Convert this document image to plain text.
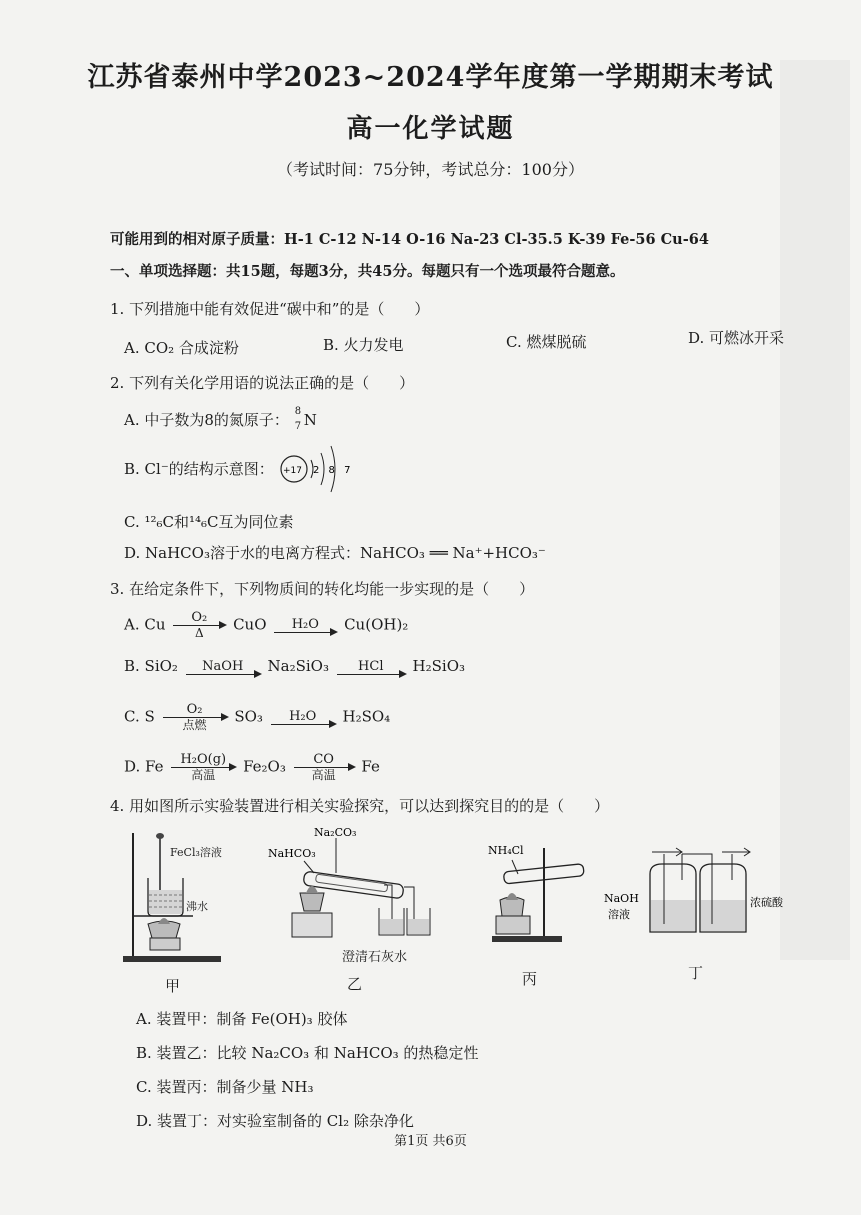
江苏省泰州中学2023~2024学年度第一学期期末考试
高一化学试题
（考试时间：75分钟，考试总分：100分）
可能用到的相对原子质量：H-1 C-12 N-14 O-16 Na-23 Cl-35.5 K-39 Fe-56 Cu-64
一、单项选择题：共15题，每题3分，共45分。每题只有一个选项最符合题意。
1. 下列措施中能有效促进“碳中和”的是（　　）
A. CO₂ 合成淀粉	B. 火力发电	C. 燃煤脱硫	D. 可燃冰开采
2. 下列有关化学用语的说法正确的是（　　）
A. 中子数为8的氮原子： 8
7 N
B. Cl⁻的结构示意图： +17 2 8 7
C. ¹²₆C和¹⁴₆C互为同位素
D. NaHCO₃溶于水的电离方程式：NaHCO₃ ══ Na⁺+HCO₃⁻
3. 在给定条件下，下列物质间的转化均能一步实现的是（　　）
A. Cu $\frac{\text{O₂}}{\Delta}$ CuO	H₂O	Cu(OH)₂
B. SiO₂	NaOH	Na₂SiO₃	HCl	H₂SiO₃
C. S	O₂
点燃	SO₃	H₂O	H₂SO₄
D. Fe	H₂O(g)
高温	Fe₂O₃	CO
高温	Fe
4. 用如图所示实验装置进行相关实验探究，可以达到探究目的的是（　　）
FeCl₃溶液
沸水
甲
Na₂CO₃
NaHCO₃
澄清石灰水
乙
NH₄Cl
丙
NaOH
溶液
浓硫酸
丁
A. 装置甲：制备 Fe(OH)₃ 胶体
B. 装置乙：比较 Na₂CO₃ 和 NaHCO₃ 的热稳定性
C. 装置丙：制备少量 NH₃
D. 装置丁：对实验室制备的 Cl₂ 除杂净化
第1页 共6页
